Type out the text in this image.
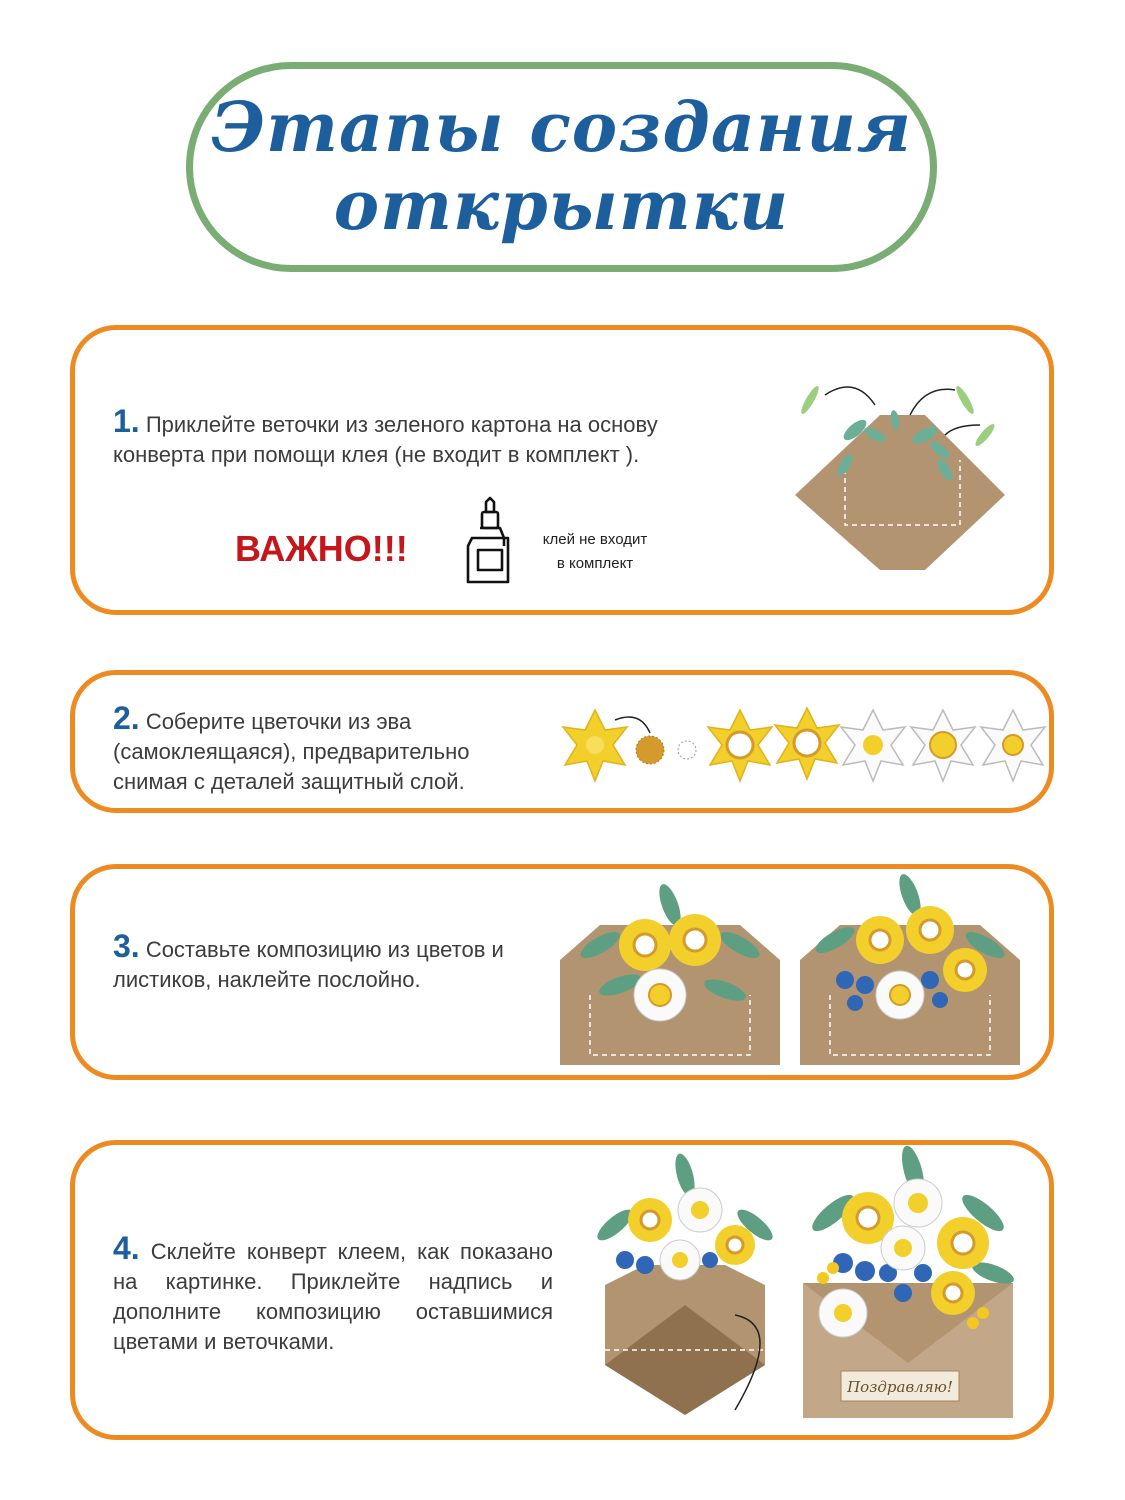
Этапы создания
открытки
1. Приклейте веточки из зеленого картона на основу конверта при помощи клея (не входит в комплект ).
ВАЖНО!!!	клей не входит
в комплект
2. Соберите цветочки из эва (самоклеящаяся), предварительно снимая с деталей защитный слой.
3. Составьте композицию из цветов и листиков, наклейте послойно.
4. Склейте конверт клеем, как показано на картинке. Приклейте надпись и дополните композицию оставшимися цветами и веточками.
Поздравляю!
